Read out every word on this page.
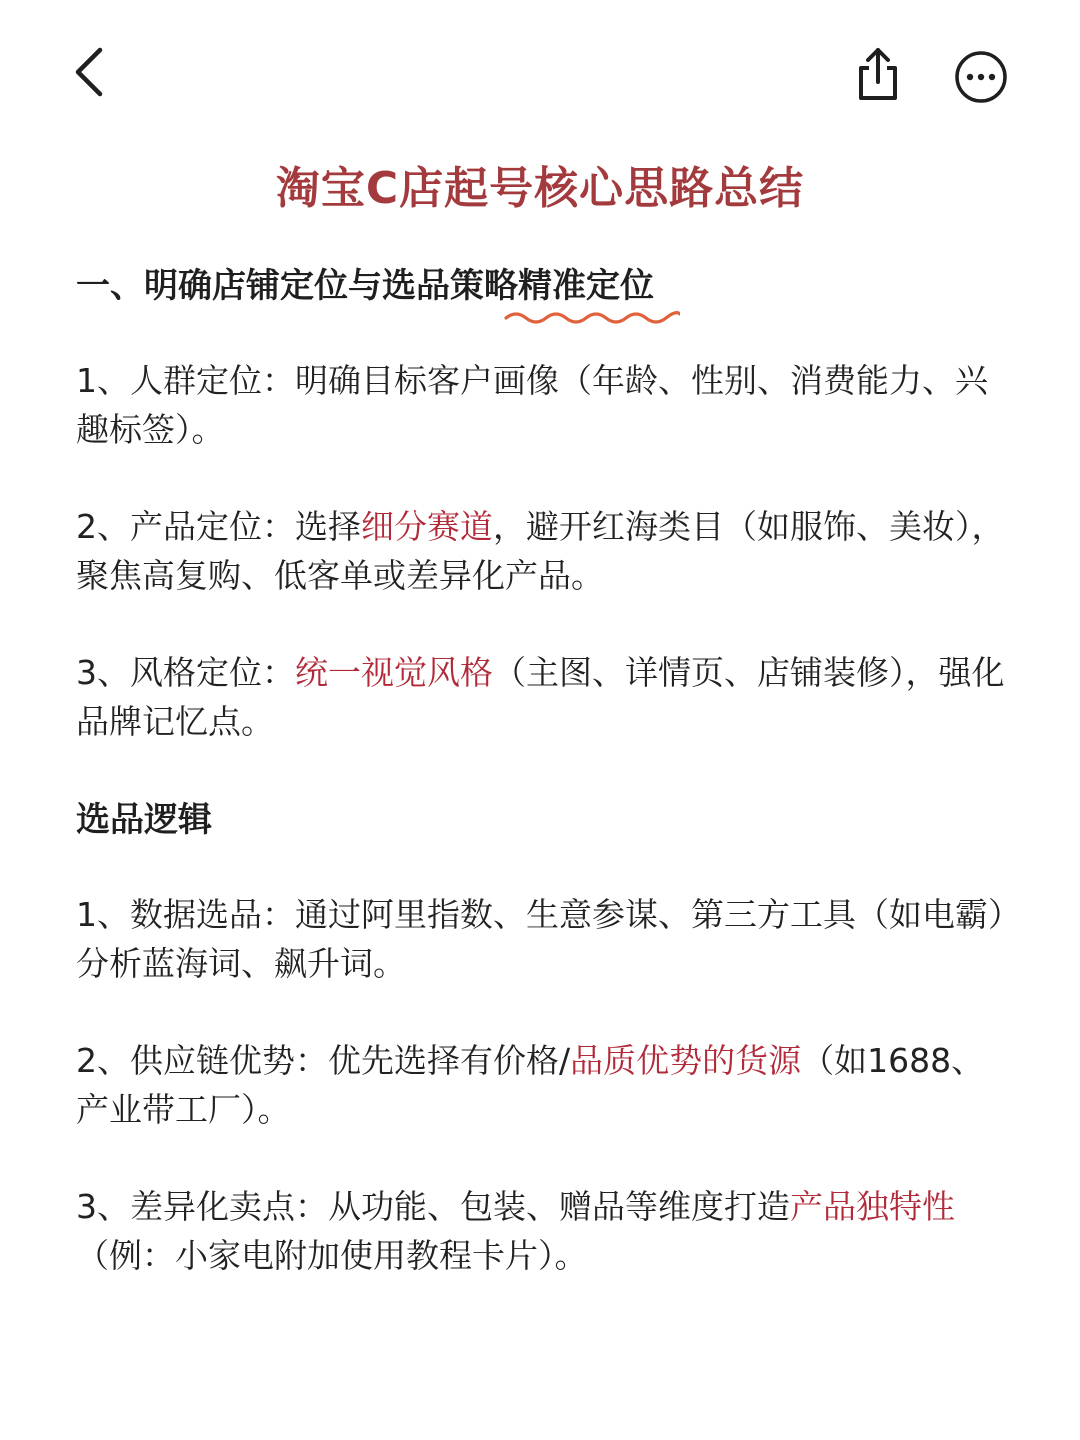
淘宝C店起号核心思路总结

一、明确店铺定位与选品策略精准定位

1、人群定位：明确目标客户画像（年龄、性别、消费能力、兴趣标签）。

2、产品定位：选择细分赛道，避开红海类目（如服饰、美妆），聚焦高复购、低客单或差异化产品。

3、风格定位：统一视觉风格（主图、详情页、店铺装修），强化品牌记忆点。

选品逻辑

1、数据选品：通过阿里指数、生意参谋、第三方工具（如电霸）分析蓝海词、飙升词。

2、供应链优势：优先选择有价格/品质优势的货源（如1688、产业带工厂）。

3、差异化卖点：从功能、包装、赠品等维度打造产品独特性（例：小家电附加使用教程卡片）。
